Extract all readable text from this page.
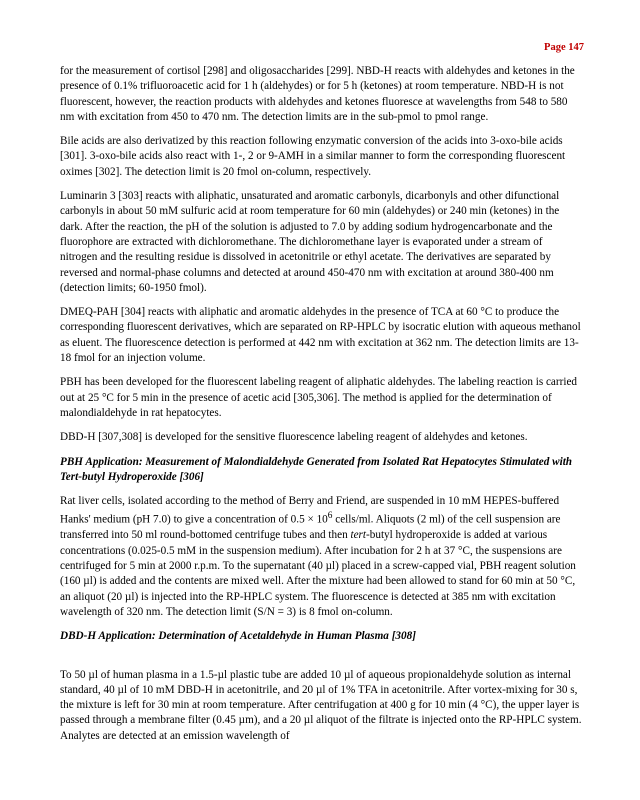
Page 147

for the measurement of cortisol [298] and oligosaccharides [299]. NBD-H reacts with aldehydes and ketones in the presence of 0.1% trifluoroacetic acid for 1 h (aldehydes) or for 5 h (ketones) at room temperature. NBD-H is not fluorescent, however, the reaction products with aldehydes and ketones fluoresce at wavelengths from 548 to 580 nm with excitation from 450 to 470 nm. The detection limits are in the sub-pmol to pmol range.

Bile acids are also derivatized by this reaction following enzymatic conversion of the acids into 3-oxo-bile acids [301]. 3-oxo-bile acids also react with 1-, 2 or 9-AMH in a similar manner to form the corresponding fluorescent oximes [302]. The detection limit is 20 fmol on-column, respectively.

Luminarin 3 [303] reacts with aliphatic, unsaturated and aromatic carbonyls, dicarbonyls and other difunctional carbonyls in about 50 mM sulfuric acid at room temperature for 60 min (aldehydes) or 240 min (ketones) in the dark. After the reaction, the pH of the solution is adjusted to 7.0 by adding sodium hydrogencarbonate and the fluorophore are extracted with dichloromethane. The dichloromethane layer is evaporated under a stream of nitrogen and the resulting residue is dissolved in acetonitrile or ethyl acetate. The derivatives are separated by reversed and normal-phase columns and detected at around 450-470 nm with excitation at around 380-400 nm (detection limits; 60-1950 fmol).

DMEQ-PAH [304] reacts with aliphatic and aromatic aldehydes in the presence of TCA at 60 °C to produce the corresponding fluorescent derivatives, which are separated on RP-HPLC by isocratic elution with aqueous methanol as eluent. The fluorescence detection is performed at 442 nm with excitation at 362 nm. The detection limits are 13-18 fmol for an injection volume.

PBH has been developed for the fluorescent labeling reagent of aliphatic aldehydes. The labeling reaction is carried out at 25 °C for 5 min in the presence of acetic acid [305,306]. The method is applied for the determination of malondialdehyde in rat hepatocytes.

DBD-H [307,308] is developed for the sensitive fluorescence labeling reagent of aldehydes and ketones.

PBH Application: Measurement of Malondialdehyde Generated from Isolated Rat Hepatocytes Stimulated with Tert-butyl Hydroperoxide [306]

Rat liver cells, isolated according to the method of Berry and Friend, are suspended in 10 mM HEPES-buffered Hanks' medium (pH 7.0) to give a concentration of $0.5 \times 10^6$ cells/ml. Aliquots (2 ml) of the cell suspension are transferred into 50 ml round-bottomed centrifuge tubes and then tert-butyl hydroperoxide is added at various concentrations (0.025-0.5 mM in the suspension medium). After incubation for 2 h at 37 °C, the suspensions are centrifuged for 5 min at 2000 r.p.m. To the supernatant (40 µl) placed in a screw-capped vial, PBH reagent solution (160 µl) is added and the contents are mixed well. After the mixture had been allowed to stand for 60 min at 50 °C, an aliquot (20 µl) is injected into the RP-HPLC system. The fluorescence is detected at 385 nm with excitation wavelength of 320 nm. The detection limit (S/N = 3) is 8 fmol on-column.

DBD-H Application: Determination of Acetaldehyde in Human Plasma [308]

To 50 µl of human plasma in a 1.5-µl plastic tube are added 10 µl of aqueous propionaldehyde solution as internal standard, 40 µl of 10 mM DBD-H in acetonitrile, and 20 µl of 1% TFA in acetonitrile. After vortex-mixing for 30 s, the mixture is left for 30 min at room temperature. After centrifugation at 400 g for 10 min (4 °C), the upper layer is passed through a membrane filter (0.45 µm), and a 20 µl aliquot of the filtrate is injected onto the RP-HPLC system. Analytes are detected at an emission wavelength of
